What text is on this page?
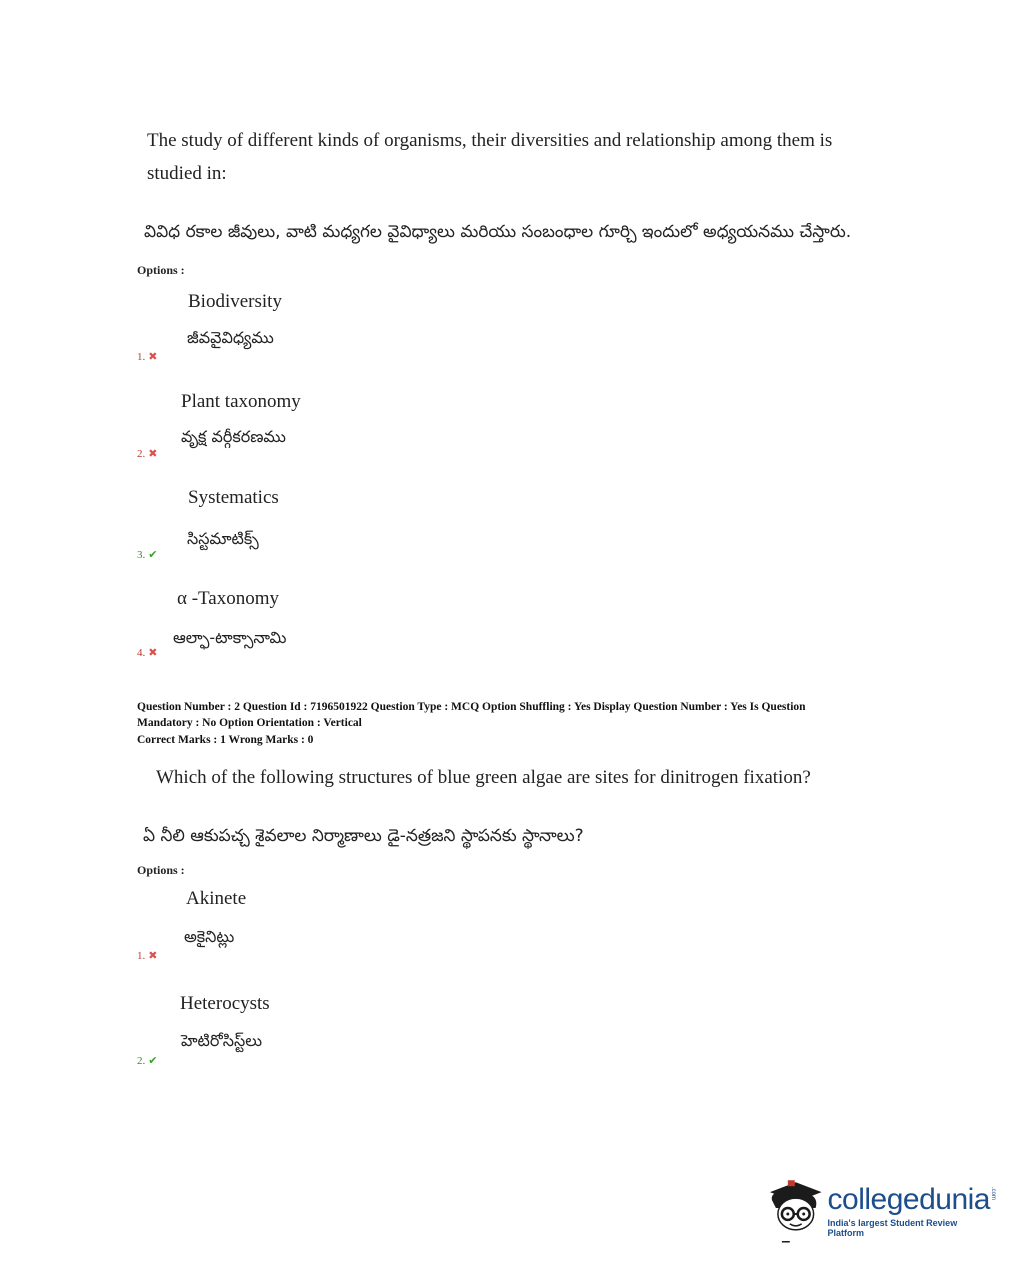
The study of different kinds of organisms, their diversities and relationship among them is studied in:
వివిధ రకాల జీవులు, వాటి మధ్యగల వైవిధ్యాలు మరియు సంబంధాల గూర్చి ఇందులో అధ్యయనము చేస్తారు.
Options :
Biodiversity
జీవవైవిధ్యము
1. ✖
Plant taxonomy
వృక్ష వర్గీకరణము
2. ✖
Systematics
సిస్టమాటిక్స్
3. ✔
α -Taxonomy
ఆల్ఫా-టాక్సానామి
4. ✖
Question Number : 2 Question Id : 7196501922 Question Type : MCQ Option Shuffling : Yes Display Question Number : Yes Is Question
Mandatory : No Option Orientation : Vertical
Correct Marks : 1 Wrong Marks : 0
Which of the following structures of blue green algae are sites for dinitrogen fixation?
ఏ నీలి ఆకుపచ్చ శైవలాల నిర్మాణాలు డై-నత్రజని స్థాపనకు స్థానాలు?
Options :
Akinete
అకైనిట్లు
1. ✖
Heterocysts
హెటిరోసిస్ట్‌లు
2. ✔
collegedunia .com
India's largest Student Review Platform
